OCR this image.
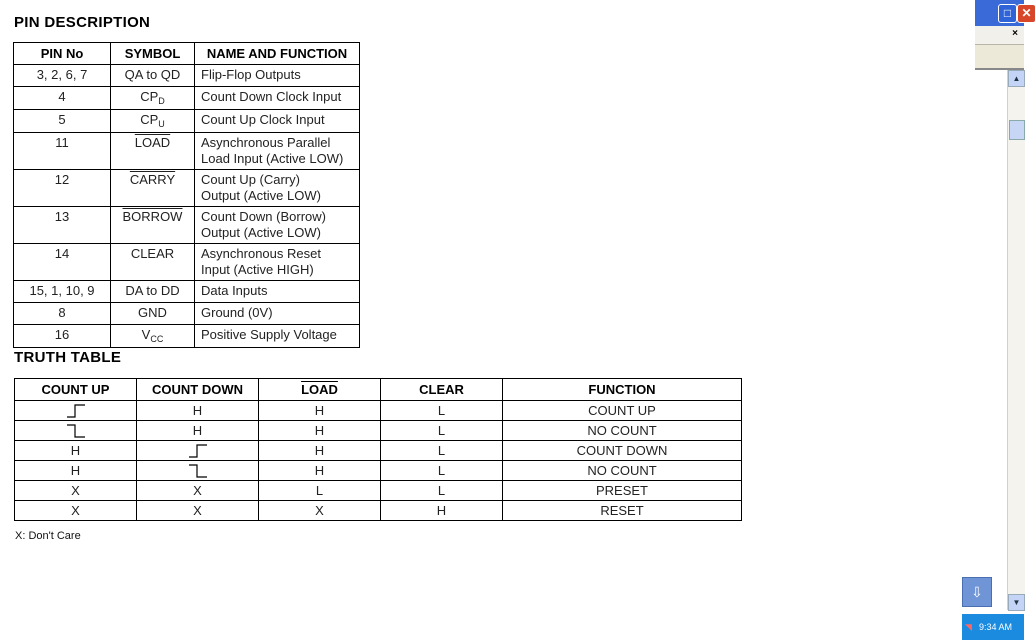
PIN DESCRIPTION
PIN No	SYMBOL	NAME AND FUNCTION
3, 2, 6, 7	QA to QD	Flip-Flop Outputs
4	$CP_D$	Count Down Clock Input
5	$CP_U$	Count Up Clock Input
11	LOAD	Asynchronous Parallel
Load Input (Active LOW)

12	CARRY	Count Up (Carry)
Output (Active LOW)

13	BORROW	Count Down (Borrow)
Output (Active LOW)

14	CLEAR	Asynchronous Reset
Input (Active HIGH)

15, 1, 10, 9	DA to DD	Data Inputs
8	GND	Ground (0V)
16	$V_{CC}$	Positive Supply Voltage
TRUTH TABLE
COUNT UP	COUNT DOWN	LOAD	CLEAR	FUNCTION
	H	H	L	COUNT UP
	H	H	L	NO COUNT
H		H	L	COUNT DOWN
H		H	L	NO COUNT
X	X	L	L	PRESET
X	X	X	H	RESET
X: Don't Care
□ ✕
×
▲
▼
⇩
◥ 9:34 AM
